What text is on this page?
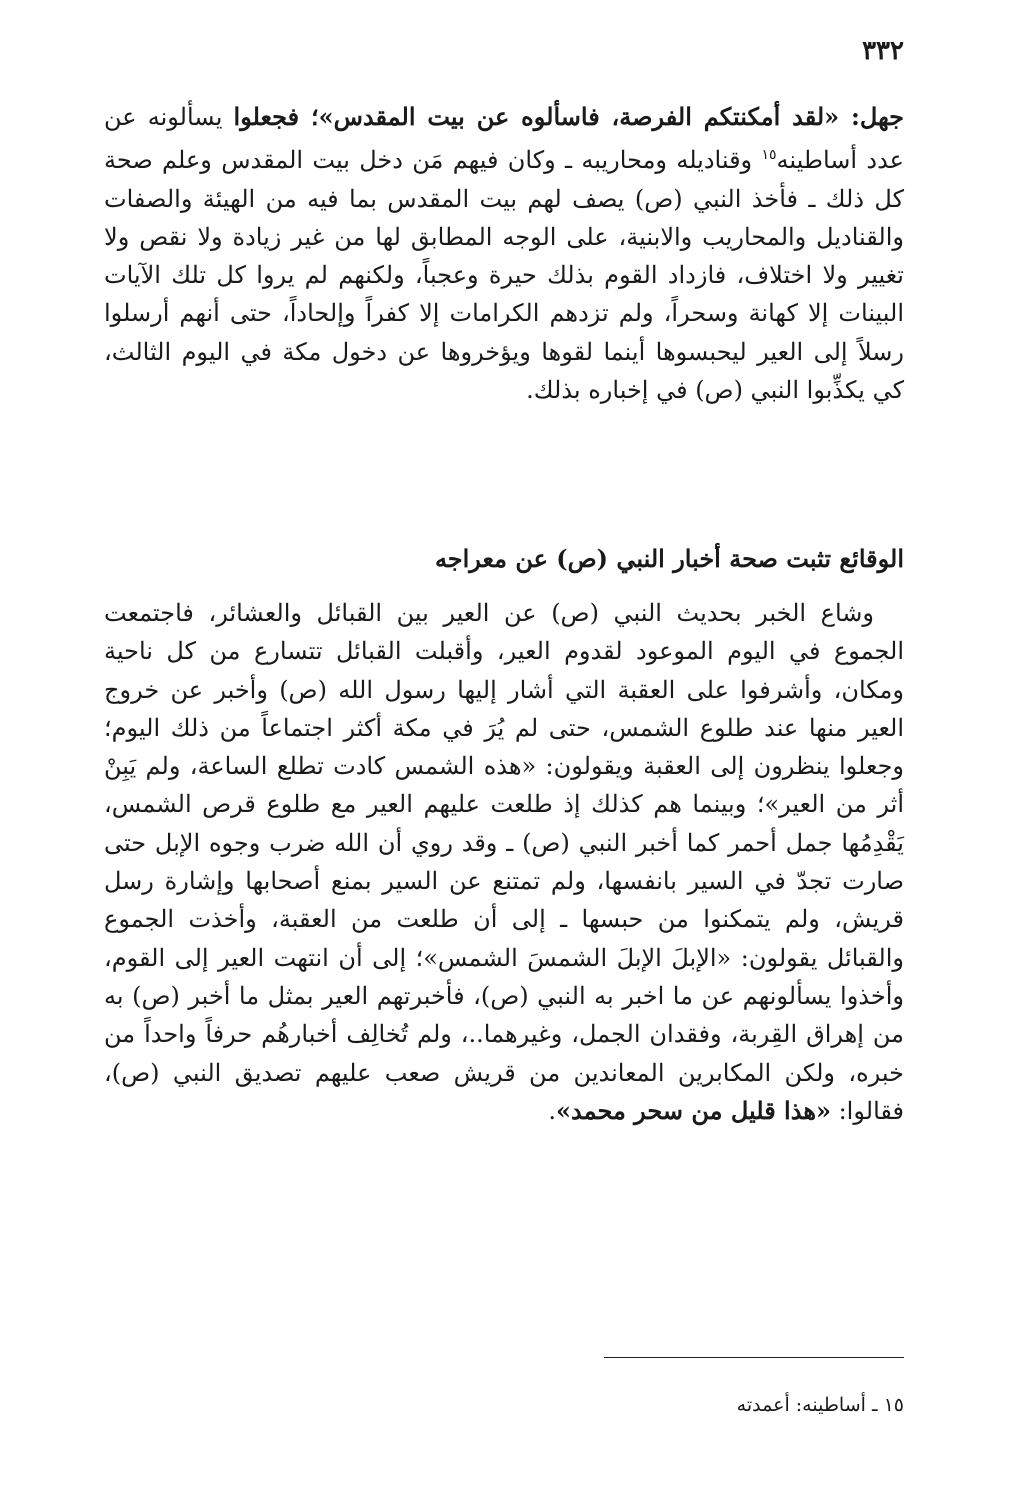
٣٣٢

جهل: «لقد أمكنتكم الفرصة، فاسألوه عن بيت المقدس»؛ فجعلوا يسألونه عن عدد أساطينه$^{١٥}$ وقناديله ومحاريبه ـ وكان فيهم مَن دخل بيت المقدس وعلم صحة كل ذلك ـ فأخذ النبي (ص) يصف لهم بيت المقدس بما فيه من الهيئة والصفات والقناديل والمحاريب والابنية، على الوجه المطابق لها من غير زيادة ولا نقص ولا تغيير ولا اختلاف، فازداد القوم بذلك حيرة وعجباً، ولكنهم لم يروا كل تلك الآيات البينات إلا كهانة وسحراً، ولم تزدهم الكرامات إلا كفراً وإلحاداً، حتى أنهم أرسلوا رسلاً إلى العير ليحبسوها أينما لقوها ويؤخروها عن دخول مكة في اليوم الثالث، كي يكذِّبوا النبي (ص) في إخباره بذلك.

الوقائع تثبت صحة أخبار النبي (ص) عن معراجه

وشاع الخبر بحديث النبي (ص) عن العير بين القبائل والعشائر، فاجتمعت الجموع في اليوم الموعود لقدوم العير، وأقبلت القبائل تتسارع من كل ناحية ومكان، وأشرفوا على العقبة التي أشار إليها رسول الله (ص) وأخبر عن خروج العير منها عند طلوع الشمس، حتى لم يُرَ في مكة أكثر اجتماعاً من ذلك اليوم؛ وجعلوا ينظرون إلى العقبة ويقولون: «هذه الشمس كادت تطلع الساعة، ولم يَبِنْ أثر من العير»؛ وبينما هم كذلك إذ طلعت عليهم العير مع طلوع قرص الشمس، يَقْدِمُها جمل أحمر كما أخبر النبي (ص) ـ وقد روي أن الله ضرب وجوه الإبل حتى صارت تجدّ في السير بانفسها، ولم تمتنع عن السير بمنع أصحابها وإشارة رسل قريش، ولم يتمكنوا من حبسها ـ إلى أن طلعت من العقبة، وأخذت الجموع والقبائل يقولون: «الإبلَ الإبلَ الشمسَ الشمس»؛ إلى أن انتهت العير إلى القوم، وأخذوا يسألونهم عن ما اخبر به النبي (ص)، فأخبرتهم العير بمثل ما أخبر (ص) به من إهراق القِربة، وفقدان الجمل، وغيرهما..، ولم تُخالِف أخبارهُم حرفاً واحداً من خبره، ولكن المكابرين المعاندين من قريش صعب عليهم تصديق النبي (ص)، فقالوا: «هذا قليل من سحر محمد».

١٥ ـ أساطينه: أعمدته
